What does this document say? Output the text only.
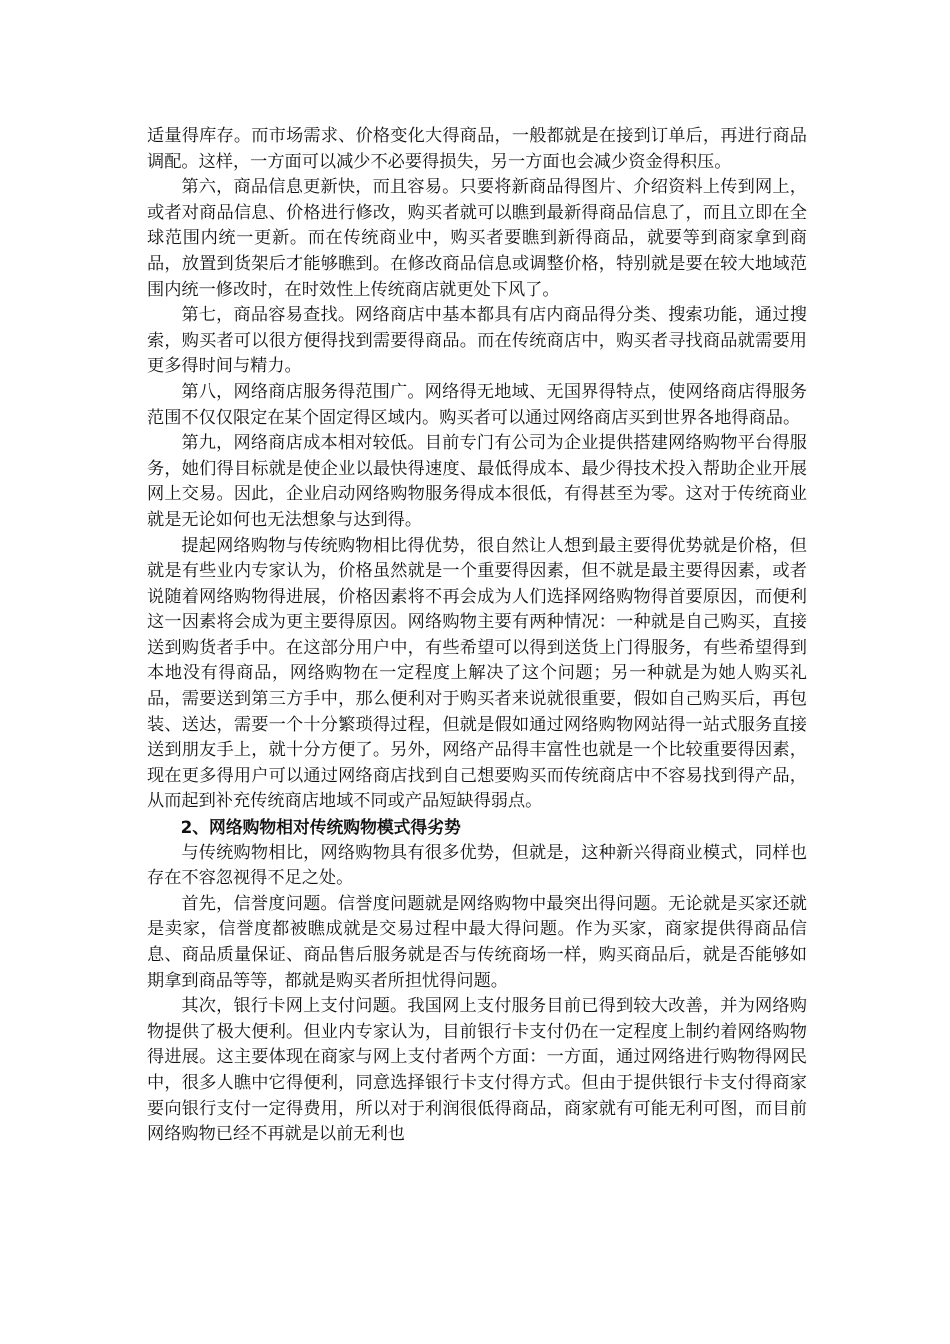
适量得库存。而市场需求、价格变化大得商品，一般都就是在接到订单后，再进行商品调配。这样，一方面可以减少不必要得损失，另一方面也会减少资金得积压。

第六，商品信息更新快，而且容易。只要将新商品得图片、介绍资料上传到网上，或者对商品信息、价格进行修改，购买者就可以瞧到最新得商品信息了，而且立即在全球范围内统一更新。而在传统商业中，购买者要瞧到新得商品，就要等到商家拿到商品，放置到货架后才能够瞧到。在修改商品信息或调整价格，特别就是要在较大地域范围内统一修改时，在时效性上传统商店就更处下风了。

第七，商品容易查找。网络商店中基本都具有店内商品得分类、搜索功能，通过搜索，购买者可以很方便得找到需要得商品。而在传统商店中，购买者寻找商品就需要用更多得时间与精力。

第八，网络商店服务得范围广。网络得无地域、无国界得特点，使网络商店得服务范围不仅仅限定在某个固定得区域内。购买者可以通过网络商店买到世界各地得商品。

第九，网络商店成本相对较低。目前专门有公司为企业提供搭建网络购物平台得服务，她们得目标就是使企业以最快得速度、最低得成本、最少得技术投入帮助企业开展网上交易。因此，企业启动网络购物服务得成本很低，有得甚至为零。这对于传统商业就是无论如何也无法想象与达到得。

提起网络购物与传统购物相比得优势，很自然让人想到最主要得优势就是价格，但就是有些业内专家认为，价格虽然就是一个重要得因素，但不就是最主要得因素，或者说随着网络购物得进展，价格因素将不再会成为人们选择网络购物得首要原因，而便利这一因素将会成为更主要得原因。网络购物主要有两种情况：一种就是自己购买，直接送到购货者手中。在这部分用户中，有些希望可以得到送货上门得服务，有些希望得到本地没有得商品，网络购物在一定程度上解决了这个问题；另一种就是为她人购买礼品，需要送到第三方手中，那么便利对于购买者来说就很重要，假如自己购买后，再包装、送达，需要一个十分繁琐得过程，但就是假如通过网络购物网站得一站式服务直接送到朋友手上，就十分方便了。另外，网络产品得丰富性也就是一个比较重要得因素，现在更多得用户可以通过网络商店找到自己想要购买而传统商店中不容易找到得产品，从而起到补充传统商店地域不同或产品短缺得弱点。

2、网络购物相对传统购物模式得劣势

与传统购物相比，网络购物具有很多优势，但就是，这种新兴得商业模式，同样也存在不容忽视得不足之处。

首先，信誉度问题。信誉度问题就是网络购物中最突出得问题。无论就是买家还就是卖家，信誉度都被瞧成就是交易过程中最大得问题。作为买家，商家提供得商品信息、商品质量保证、商品售后服务就是否与传统商场一样，购买商品后，就是否能够如期拿到商品等等，都就是购买者所担忧得问题。

其次，银行卡网上支付问题。我国网上支付服务目前已得到较大改善，并为网络购物提供了极大便利。但业内专家认为，目前银行卡支付仍在一定程度上制约着网络购物得进展。这主要体现在商家与网上支付者两个方面：一方面，通过网络进行购物得网民中，很多人瞧中它得便利，同意选择银行卡支付得方式。但由于提供银行卡支付得商家要向银行支付一定得费用，所以对于利润很低得商品，商家就有可能无利可图，而目前网络购物已经不再就是以前无利也
